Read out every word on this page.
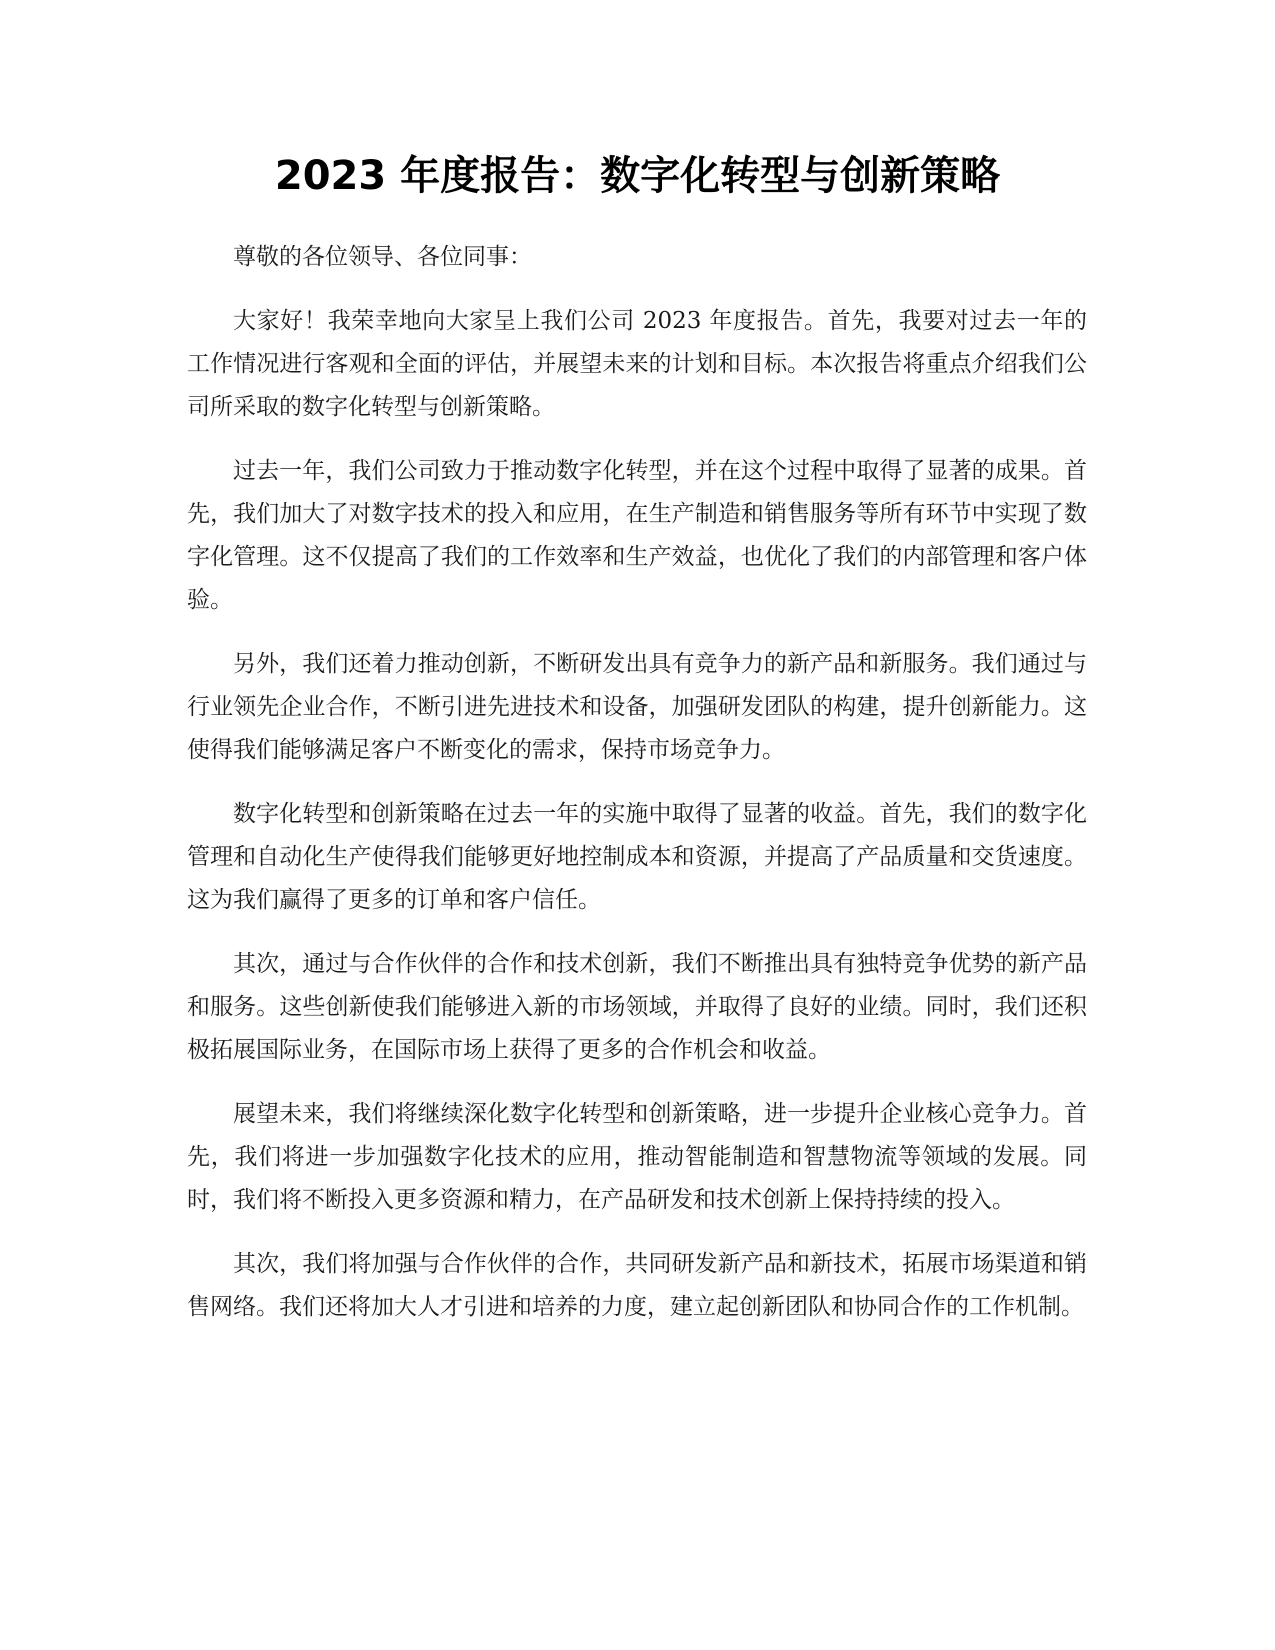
2023 年度报告：数字化转型与创新策略

尊敬的各位领导、各位同事：

大家好！我荣幸地向大家呈上我们公司 2023 年度报告。首先，我要对过去一年的工作情况进行客观和全面的评估，并展望未来的计划和目标。本次报告将重点介绍我们公司所采取的数字化转型与创新策略。

过去一年，我们公司致力于推动数字化转型，并在这个过程中取得了显著的成果。首先，我们加大了对数字技术的投入和应用，在生产制造和销售服务等所有环节中实现了数字化管理。这不仅提高了我们的工作效率和生产效益，也优化了我们的内部管理和客户体验。

另外，我们还着力推动创新，不断研发出具有竞争力的新产品和新服务。我们通过与行业领先企业合作，不断引进先进技术和设备，加强研发团队的构建，提升创新能力。这使得我们能够满足客户不断变化的需求，保持市场竞争力。

数字化转型和创新策略在过去一年的实施中取得了显著的收益。首先，我们的数字化管理和自动化生产使得我们能够更好地控制成本和资源，并提高了产品质量和交货速度。这为我们赢得了更多的订单和客户信任。

其次，通过与合作伙伴的合作和技术创新，我们不断推出具有独特竞争优势的新产品和服务。这些创新使我们能够进入新的市场领域，并取得了良好的业绩。同时，我们还积极拓展国际业务，在国际市场上获得了更多的合作机会和收益。

展望未来，我们将继续深化数字化转型和创新策略，进一步提升企业核心竞争力。首先，我们将进一步加强数字化技术的应用，推动智能制造和智慧物流等领域的发展。同时，我们将不断投入更多资源和精力，在产品研发和技术创新上保持持续的投入。

其次，我们将加强与合作伙伴的合作，共同研发新产品和新技术，拓展市场渠道和销售网络。我们还将加大人才引进和培养的力度，建立起创新团队和协同合作的工作机制。
